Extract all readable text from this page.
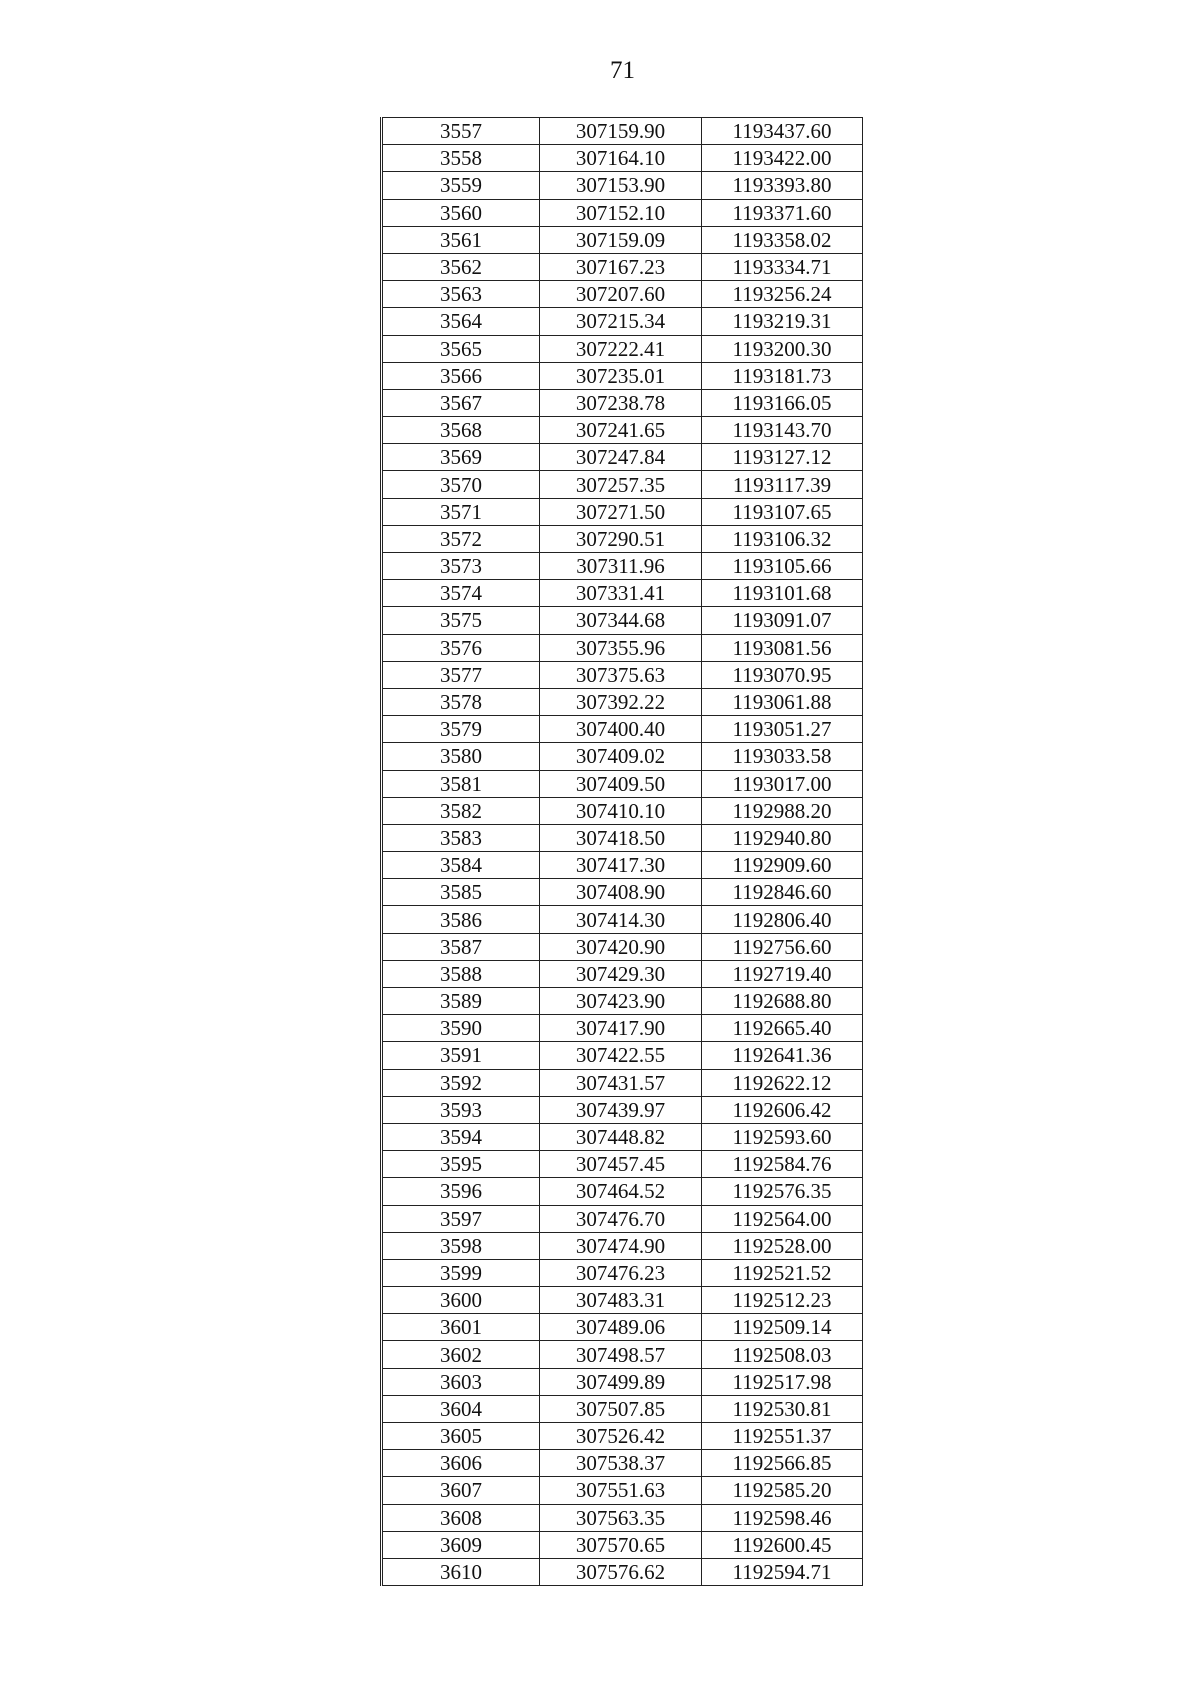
71
3557	307159.90	1193437.60
3558	307164.10	1193422.00
3559	307153.90	1193393.80
3560	307152.10	1193371.60
3561	307159.09	1193358.02
3562	307167.23	1193334.71
3563	307207.60	1193256.24
3564	307215.34	1193219.31
3565	307222.41	1193200.30
3566	307235.01	1193181.73
3567	307238.78	1193166.05
3568	307241.65	1193143.70
3569	307247.84	1193127.12
3570	307257.35	1193117.39
3571	307271.50	1193107.65
3572	307290.51	1193106.32
3573	307311.96	1193105.66
3574	307331.41	1193101.68
3575	307344.68	1193091.07
3576	307355.96	1193081.56
3577	307375.63	1193070.95
3578	307392.22	1193061.88
3579	307400.40	1193051.27
3580	307409.02	1193033.58
3581	307409.50	1193017.00
3582	307410.10	1192988.20
3583	307418.50	1192940.80
3584	307417.30	1192909.60
3585	307408.90	1192846.60
3586	307414.30	1192806.40
3587	307420.90	1192756.60
3588	307429.30	1192719.40
3589	307423.90	1192688.80
3590	307417.90	1192665.40
3591	307422.55	1192641.36
3592	307431.57	1192622.12
3593	307439.97	1192606.42
3594	307448.82	1192593.60
3595	307457.45	1192584.76
3596	307464.52	1192576.35
3597	307476.70	1192564.00
3598	307474.90	1192528.00
3599	307476.23	1192521.52
3600	307483.31	1192512.23
3601	307489.06	1192509.14
3602	307498.57	1192508.03
3603	307499.89	1192517.98
3604	307507.85	1192530.81
3605	307526.42	1192551.37
3606	307538.37	1192566.85
3607	307551.63	1192585.20
3608	307563.35	1192598.46
3609	307570.65	1192600.45
3610	307576.62	1192594.71
